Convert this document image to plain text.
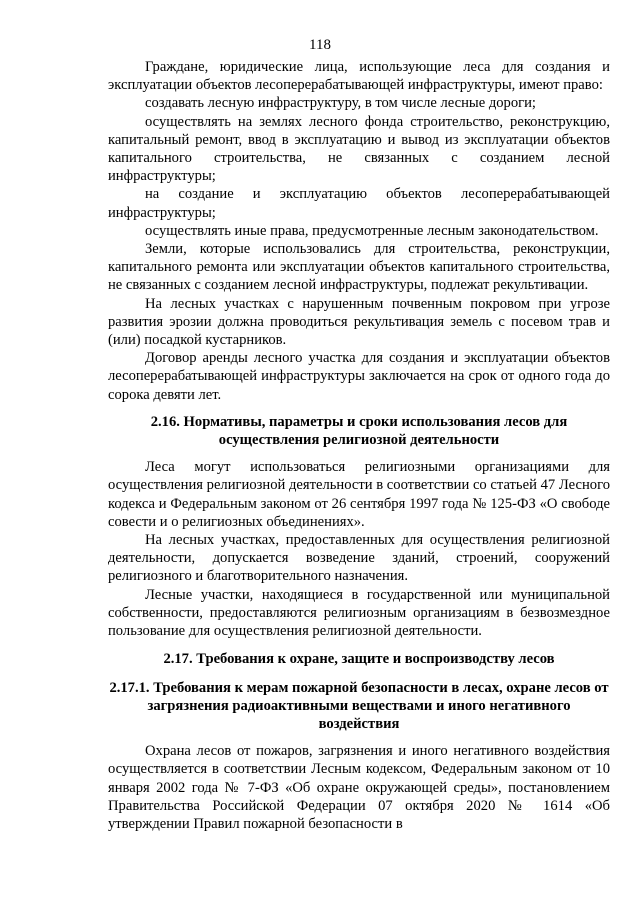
118

Граждане, юридические лица, использующие леса для создания и эксплуатации объектов лесоперерабатывающей инфраструктуры, имеют право:

создавать лесную инфраструктуру, в том числе лесные дороги;

осуществлять на землях лесного фонда строительство, реконструкцию, капитальный ремонт, ввод в эксплуатацию и вывод из эксплуатации объектов капитального строительства, не связанных с созданием лесной инфраструктуры;

на создание и эксплуатацию объектов лесоперерабатывающей инфраструктуры;

осуществлять иные права, предусмотренные лесным законодательством.

Земли, которые использовались для строительства, реконструкции, капитального ремонта или эксплуатации объектов капитального строительства, не связанных с созданием лесной инфраструктуры, подлежат рекультивации.

На лесных участках с нарушенным почвенным покровом при угрозе развития эрозии должна проводиться рекультивация земель с посевом трав и (или) посадкой кустарников.

Договор аренды лесного участка для создания и эксплуатации объектов лесоперерабатывающей инфраструктуры заключается на срок от одного года до сорока девяти лет.

2.16. Нормативы, параметры и сроки использования лесов для осуществления религиозной деятельности

Леса могут использоваться религиозными организациями для осуществления религиозной деятельности в соответствии со статьей 47 Лесного кодекса и Федеральным законом от 26 сентября 1997 года № 125-ФЗ «О свободе совести и о религиозных объединениях».

На лесных участках, предоставленных для осуществления религиозной деятельности, допускается возведение зданий, строений, сооружений религиозного и благотворительного назначения.

Лесные участки, находящиеся в государственной или муниципальной собственности, предоставляются религиозным организациям в безвозмездное пользование для осуществления религиозной деятельности.

2.17. Требования к охране, защите и воспроизводству лесов

2.17.1. Требования к мерам пожарной безопасности в лесах, охране лесов от загрязнения радиоактивными веществами и иного негативного воздействия

Охрана лесов от пожаров, загрязнения и иного негативного воздействия осуществляется в соответствии Лесным кодексом, Федеральным законом от 10 января 2002 года № 7-ФЗ «Об охране окружающей среды», постановлением Правительства Российской Федерации 07 октября 2020 № 1614 «Об утверждении Правил пожарной безопасности в
